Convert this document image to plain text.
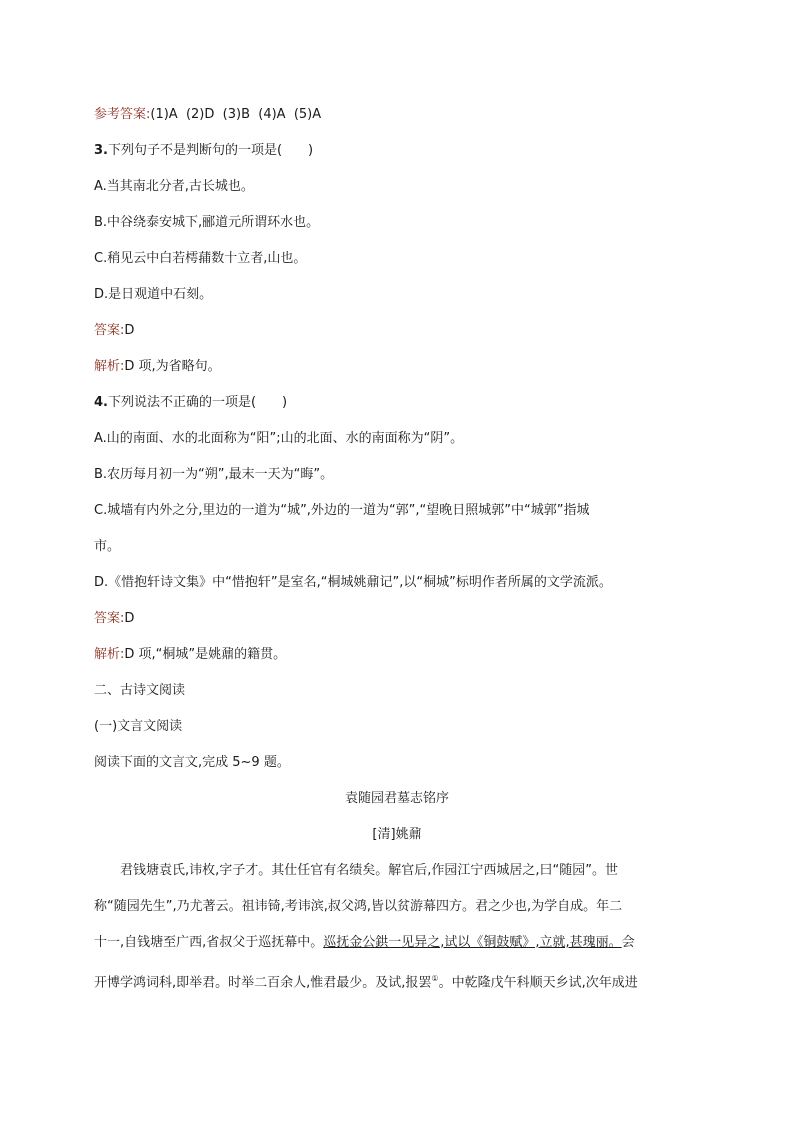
参考答案:(1)A  (2)D  (3)B  (4)A  (5)A
3.下列句子不是判断句的一项是(　　)
A.当其南北分者,古长城也。
B.中谷绕泰安城下,郦道元所谓环水也。
C.稍见云中白若樗蒱数十立者,山也。
D.是日观道中石刻。
答案:D
解析:D 项,为省略句。
4.下列说法不正确的一项是(　　)
A.山的南面、水的北面称为“阳”;山的北面、水的南面称为“阴”。
B.农历每月初一为“朔”,最末一天为“晦”。
C.城墙有内外之分,里边的一道为“城”,外边的一道为“郭”,“望晚日照城郭”中“城郭”指城
市。
D.《惜抱轩诗文集》中“惜抱轩”是室名,“桐城姚鼐记”,以“桐城”标明作者所属的文学流派。
答案:D
解析:D 项,“桐城”是姚鼐的籍贯。
二、古诗文阅读
(一)文言文阅读
阅读下面的文言文,完成 5~9 题。
袁随园君墓志铭序
[清]姚鼐
君钱塘袁氏,讳枚,字子才。其仕任官有名绩矣。解官后,作园江宁西城居之,曰“随园”。世
称“随园先生”,乃尤著云。祖讳锜,考讳滨,叔父鸿,皆以贫游幕四方。君之少也,为学自成。年二
十一,自钱塘至广西,省叔父于巡抚幕中。巡抚金公鉷一见异之,试以《铜鼓赋》,立就,甚瑰丽。会
开博学鸿词科,即举君。时举二百余人,惟君最少。及试,报罢①。中乾隆戊午科顺天乡试,次年成进
